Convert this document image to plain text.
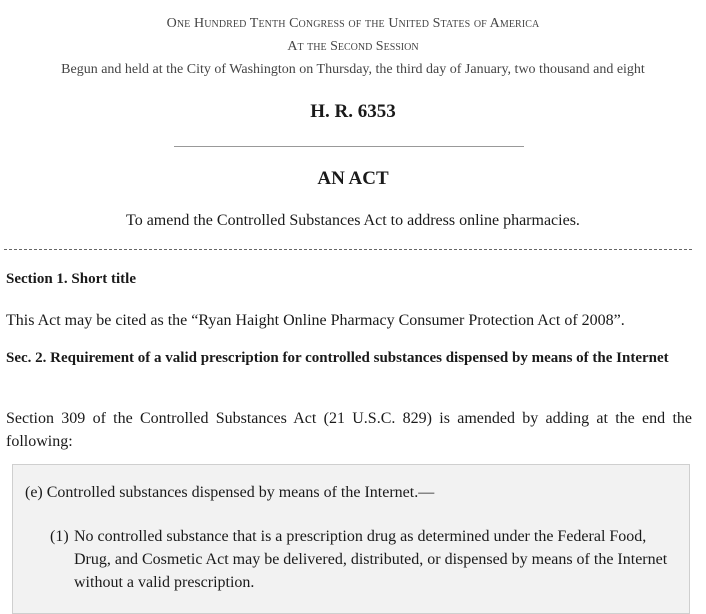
One Hundred Tenth Congress of the United States of America
At the Second Session
Begun and held at the City of Washington on Thursday, the third day of January, two thousand and eight
H. R. 6353
AN ACT
To amend the Controlled Substances Act to address online pharmacies.
Section 1. Short title
This Act may be cited as the “Ryan Haight Online Pharmacy Consumer Protection Act of 2008”.
Sec. 2. Requirement of a valid prescription for controlled substances dispensed by means of the Internet
Section 309 of the Controlled Substances Act (21 U.S.C. 829) is amended by adding at the end the following:
(e) Controlled substances dispensed by means of the Internet.—
(1) No controlled substance that is a prescription drug as determined under the Federal Food, Drug, and Cosmetic Act may be delivered, distributed, or dispensed by means of the Internet without a valid prescription.
